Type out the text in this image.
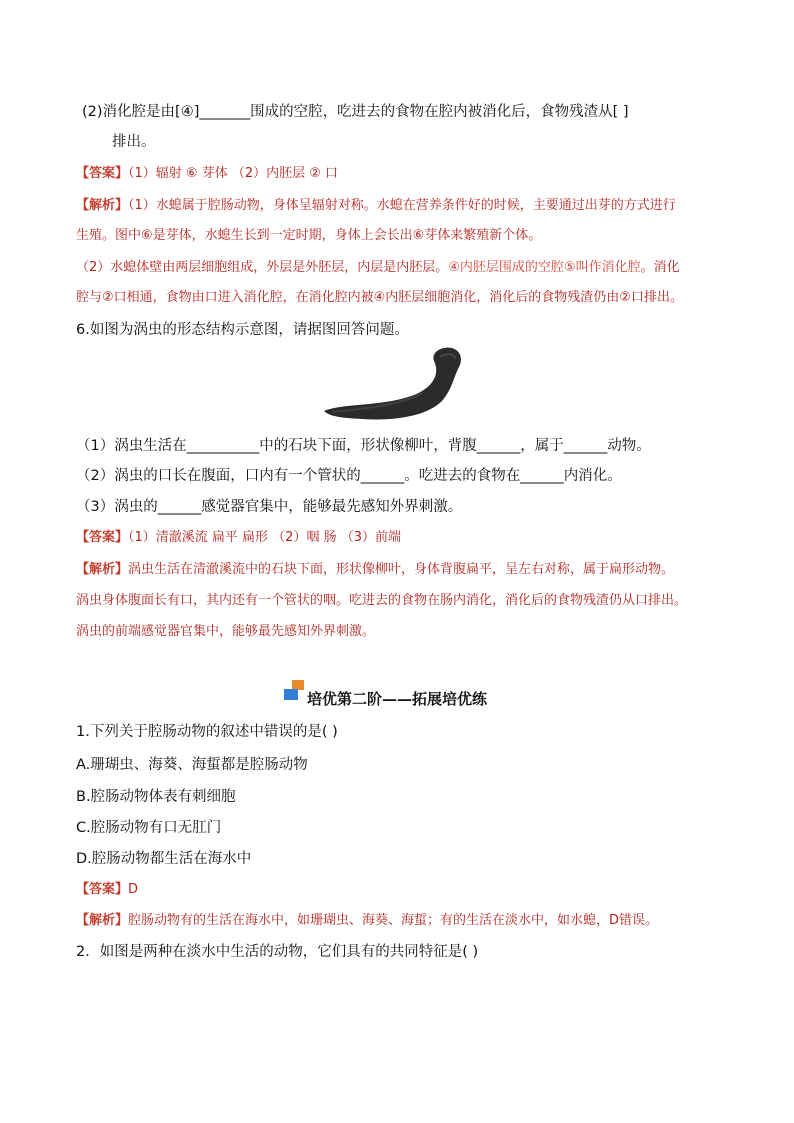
(2)消化腔是由[④]_______围成的空腔，吃进去的食物在腔内被消化后，食物残渣从[ ]
排出。
【答案】（1）辐射 ⑥ 芽体 （2）内胚层 ② 口
【解析】（1）水螅属于腔肠动物，身体呈辐射对称。水螅在营养条件好的时候，主要通过出芽的方式进行
生殖。图中⑥是芽体，水螅生长到一定时期，身体上会长出⑥芽体来繁殖新个体。
（2）水螅体壁由两层细胞组成，外层是外胚层，内层是内胚层。④内胚层围成的空腔⑤叫作消化腔。消化
腔与②口相通，食物由口进入消化腔，在消化腔内被④内胚层细胞消化，消化后的食物残渣仍由②口排出。
6.如图为涡虫的形态结构示意图，请据图回答问题。
（1）涡虫生活在__________中的石块下面，形状像柳叶，背腹______，属于______动物。
（2）涡虫的口长在腹面，口内有一个管状的______。吃进去的食物在______内消化。
（3）涡虫的______感觉器官集中，能够最先感知外界刺激。
【答案】（1）清澈溪流 扁平 扁形 （2）咽 肠 （3）前端
【解析】涡虫生活在清澈溪流中的石块下面，形状像柳叶，身体背腹扁平，呈左右对称，属于扁形动物。
涡虫身体腹面长有口，其内还有一个管状的咽。吃进去的食物在肠内消化，消化后的食物残渣仍从口排出。
涡虫的前端感觉器官集中，能够最先感知外界刺激。
培优第二阶——拓展培优练
1.下列关于腔肠动物的叙述中错误的是( )
A.珊瑚虫、海葵、海蜇都是腔肠动物
B.腔肠动物体表有刺细胞
C.腔肠动物有口无肛门
D.腔肠动物都生活在海水中
【答案】D
【解析】腔肠动物有的生活在海水中，如珊瑚虫、海葵、海蜇；有的生活在淡水中，如水螅，D错误。
2．如图是两种在淡水中生活的动物，它们具有的共同特征是( )
